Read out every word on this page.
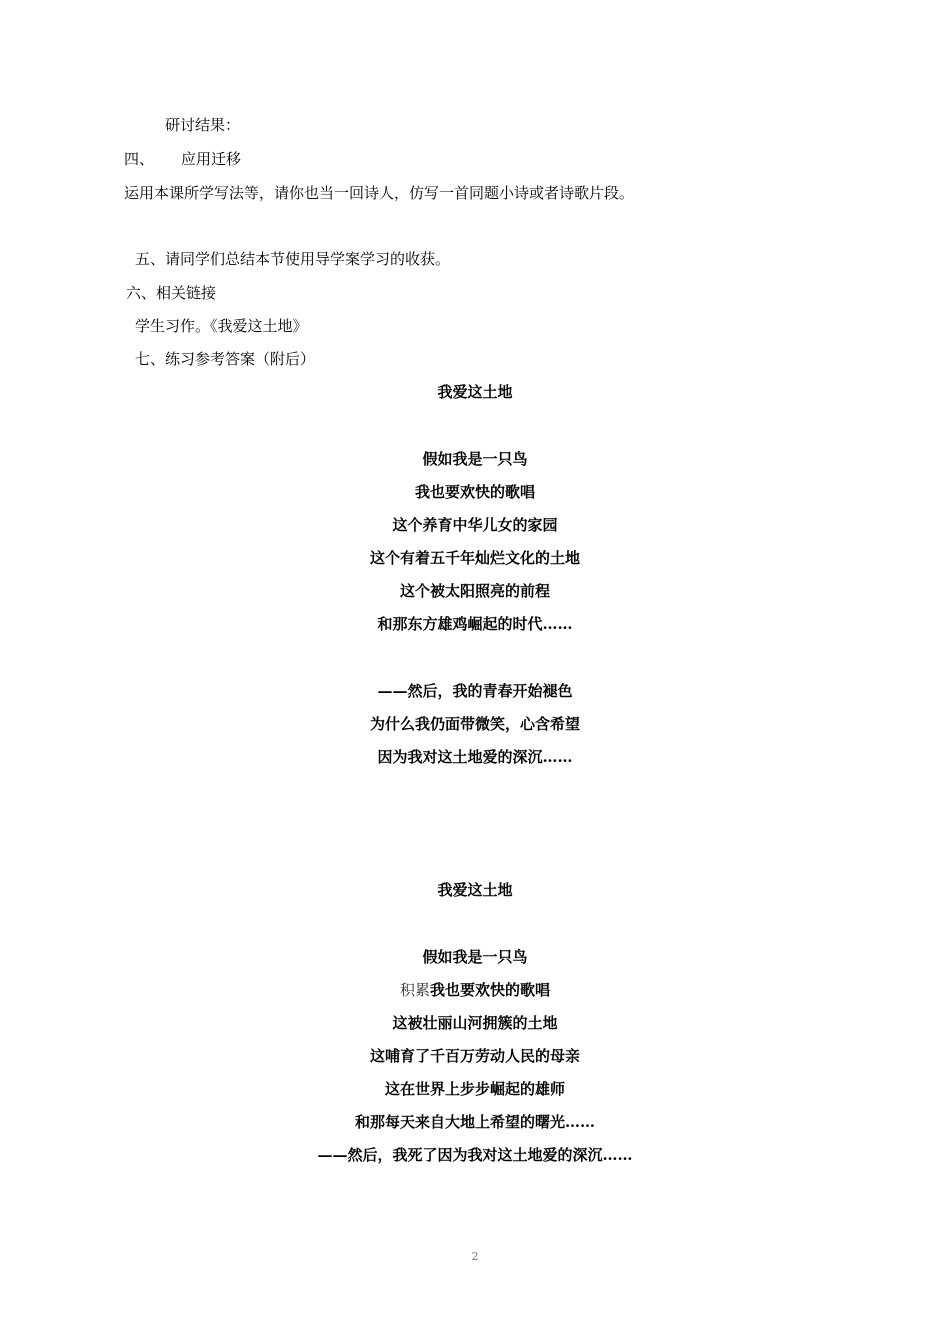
研讨结果：
四、 应用迁移
运用本课所学写法等，请你也当一回诗人，仿写一首同题小诗或者诗歌片段。
五、请同学们总结本节使用导学案学习的收获。
六、相关链接
学生习作。《我爱这土地》
七、练习参考答案（附后）
我爱这土地
假如我是一只鸟
我也要欢快的歌唱
这个养育中华儿女的家园
这个有着五千年灿烂文化的土地
这个被太阳照亮的前程
和那东方雄鸡崛起的时代……
——然后，我的青春开始褪色
为什么我仍面带微笑，心含希望
因为我对这土地爱的深沉……
我爱这土地
假如我是一只鸟
积累我也要欢快的歌唱
这被壮丽山河拥簇的土地
这哺育了千百万劳动人民的母亲
这在世界上步步崛起的雄师
和那每天来自大地上希望的曙光……
——然后，我死了因为我对这土地爱的深沉……
2
